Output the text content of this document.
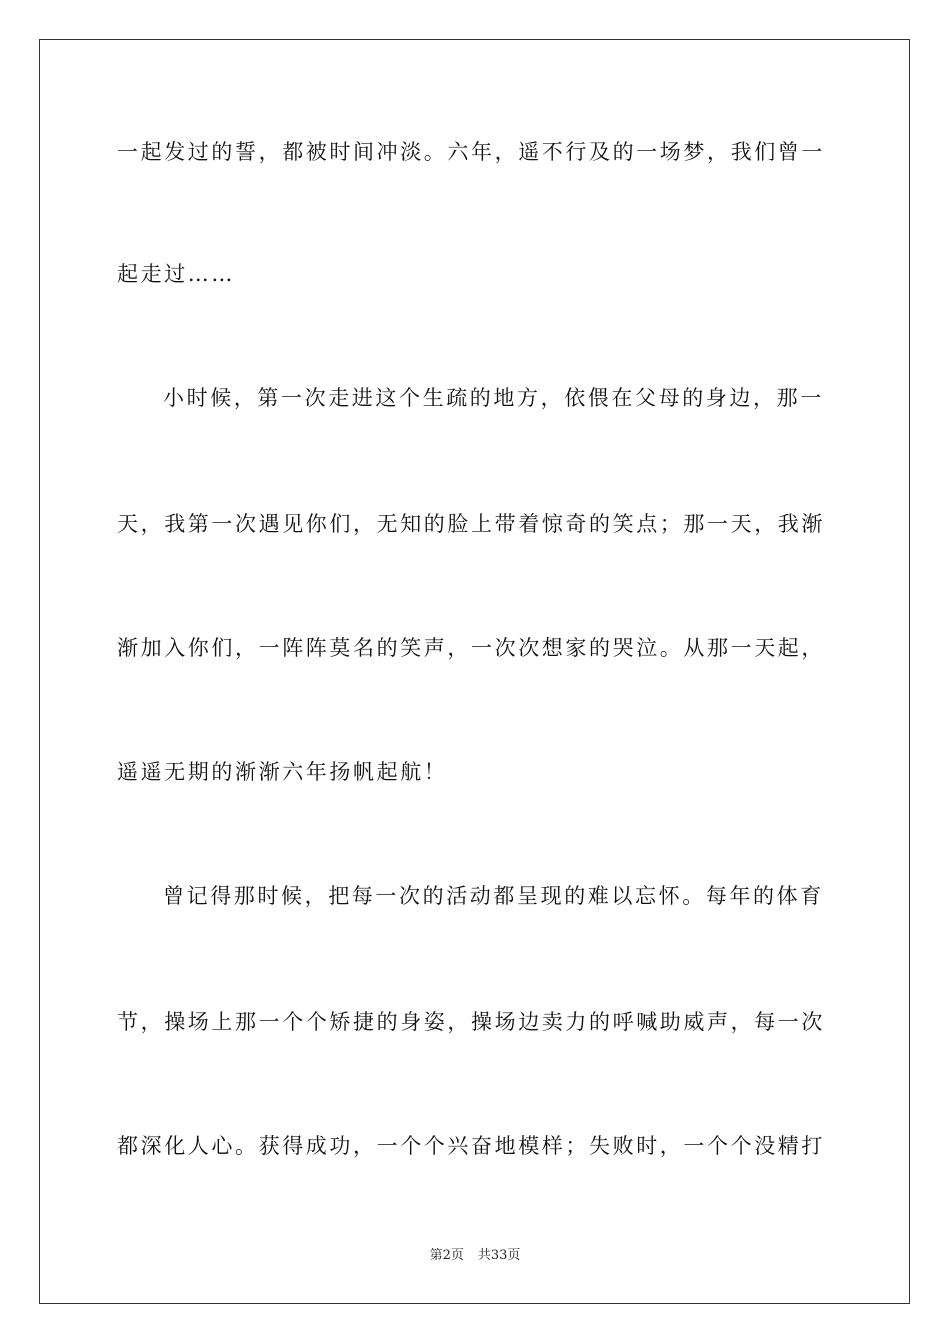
一起发过的誓，都被时间冲淡。六年，遥不行及的一场梦，我们曾一
起走过……
小时候，第一次走进这个生疏的地方，依偎在父母的身边，那一
天，我第一次遇见你们，无知的脸上带着惊奇的笑点；那一天，我渐
渐加入你们，一阵阵莫名的笑声，一次次想家的哭泣。从那一天起，
遥遥无期的渐渐六年扬帆起航！
曾记得那时候，把每一次的活动都呈现的难以忘怀。每年的体育
节，操场上那一个个矫捷的身姿，操场边卖力的呼喊助威声，每一次
都深化人心。获得成功，一个个兴奋地模样；失败时，一个个没精打
第2页 共33页
